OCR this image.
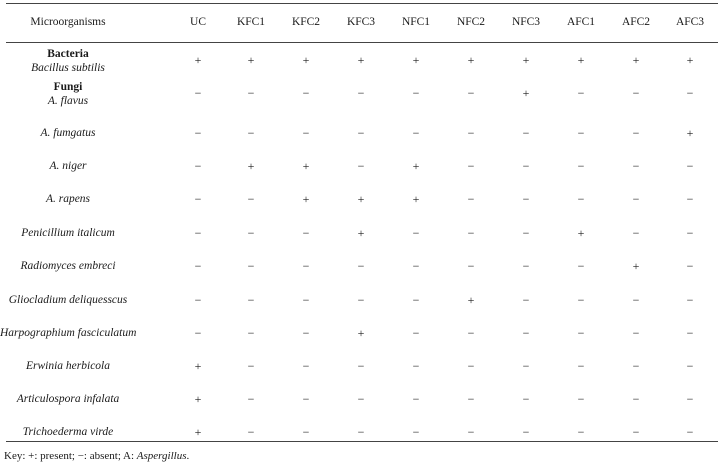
Key: +: present; −: absent; A: Aspergillus.
Microorganisms	UC	KFC1 KFC2 KFC3 NFC1 NFC2 NFC3 AFC1 AFC2 AFC3
Bacteria
Bacillus subtilis
+	+	+	+	+	+	+	+	+	+
Fungi
A. flavus
−	−	−	−	−	−	+	−	−	−
A. fumgatus	−	−	−	−	−	−	−	−	−	+
A. niger	−	+	+	−	+	−	−	−	−	−
A. rapens	−	−	+	+	+	−	−	−	−	−
Penicillium italicum	−	−	−	+	−	−	−	+	−	−
Radiomyces embreci	−	−	−	−	−	−	−	−	+	−
Gliocladium deliquesscus	−	−	−	−	−	+	−	−	−	−
Harpographium fasciculatum	−	−	−	+	−	−	−	−	−	−
Erwinia herbicola	+	−	−	−	−	−	−	−	−	−
Articulospora infalata	+	−	−	−	−	−	−	−	−	−
Trichoederma virde	+	−	−	−	−	−	−	−	−	−
